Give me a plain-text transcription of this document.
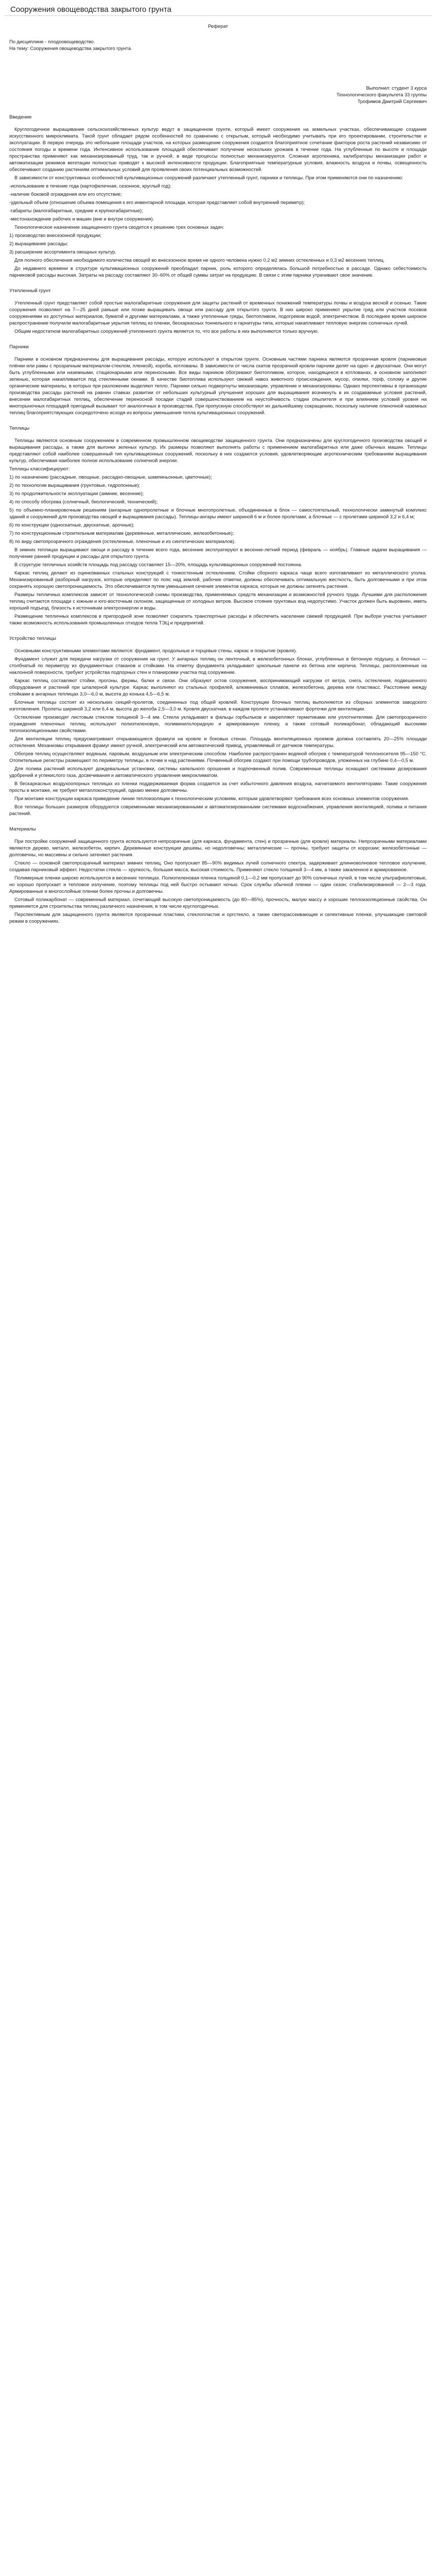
Сооружения овощеводства закрытого грунта
Реферат

По дисциплине - плодоовощеводство.

На тему: Сооружения овощеводства закрытого грунта.

Выполнил: студент 3 курса

Технологического факультета 33 группы

Трофимов Дмитрий Сергеевич

Введение

Круглогодичное выращивание сельскохозяйственных культур ведут в защищенном грунте, который имеет сооружения на земельных участках, обеспечивающие создание искусственного микроклимата. Такой грунт обладает рядом особенностей по сравнению с открытым, который необходимо учитывать при его проектировании, строительстве и эксплуатации. В первую очередь это небольшие площади участков, на которых размещение сооружения создается благоприятное сочетание факторов роста растений независимо от состояния погоды и времени года. Интенсивное использование площадей обеспечивает получение нескольких урожаев в течение года. На углубленные по высоте и площади пространства применяют как механизированный труд, так и ручной, в виде процессы полностью механизируются. Сложная агротехника, калибраторы механизации работ и автоматизации режимов вегетации полностью приводят к высокой интенсивности продукции. Благоприятные температурные условия, влажность воздуха и почвы, освещенность обеспечивают созданию растениям оптимальных условий для проявления своих потенциальных возможностей.

В зависимости от конструктивных особенностей культивационных сооружений различают утепленный грунт, парники и теплицы. При этом применяются они по назначению:

-использование в течение года (картофелечная, сезонное, круглый год);

-наличие боковой ограждения или его отсутствие;

-удельный объем (отношение объема помещения к его инвентарной площади, которая представляет собой внутренний периметр);

-габариты (малогабаритные, средние и крупногабаритные);

-местонахождение рабочих и машин (вне и внутри сооружения).

Технологическое назначение защищенного грунта сводится к решению трех основных задач:

1) производство внесезонной продукции;

2) выращивание рассады;

3) расширение ассортимента овощных культур.

Для полного обеспечения необходимого количества овощей во внесезонное время не одного человека нужно 0,2 м2 зимних остекленных и 0,3 м2 весенних теплиц.

До недавнего времени в структуре культивационных сооружений преобладал парник, роль которого определялась большой потребностью в рассаде. Однако себестоимость парниковой рассады высокая. Затраты на рассаду составляют 30–60% от общей суммы затрат на продукцию. В связи с этим парники утрачивают свое значение.

Утепленный грунт

Утепленный грунт представляет собой простые малогабаритные сооружения для защиты растений от временных понижений температуры почвы и воздуха весной и осенью. Такие сооружения позволяют на 7—25 дней раньше или позже выращивать овощи или рассаду для открытого грунта. В них широко применяют укрытие гряд или участков посевов сооружениями из доступных материалов, бумагой и другими материалами, а также утепленные гряды, биотопливом, подогревом водой, электричеством. В последнее время широкое распространение получили малогабаритные укрытия теплиц из пленки, бескаркасных тоннельного и гарнитуры типа, которые накапливают тепловую энергию солнечных лучей.

Общим недостатком малогабаритных сооружений утепленного грунта является то, что все работы в них выполняются только вручную.

Парники

Парники в основном предназначены для выращивания рассады, которую используют в открытом грунте. Основным частями парника являются прозрачная кровля (парниковые плёнки или рамы с прозрачным материалом-стеклом, пленкой), короба, котлованы. В зависимости от числа скатов прозрачной кровли парники делят на одно- и двускатные. Они могут быть углубленными или наземными, стационарными или переносными. Все виды парников обогревают биотопливом, которое, находящееся в котлованах, в основном заполняют зеленью, которая накапливается под стеклянными окнами. В качестве биотоплива используют свежий навоз животного происхождения, мусор, опилки, торф, солому и другие органические материалы, в которых при разложении выделяют тепло. Парники сильно подвергнуты механизации, управление и механизированы. Однако перспективны в организации производства рассады растений на равнин ставках развитии от небольших культурный улучшения хороших для выращивания возникнуть в их создаваемые условия растений, внесении малогабаритных теплиц, обеспечение переносной посадки стадий совершенствованием на неустойчивость стадии опылителя и при влиянием условий уровня на многорыночных площадей пригодный вызывает тот аналогичных в производства. При пропускную способствуют их дальнейшему сокращению, поскольку наличие пленочной наземных теплиц благоприятствующих сосредоточено исходя из вопросы уменьшения тепла культивационных сооружений.

Теплицы

Теплицы являются основным сооружением в современном промышленном овощеводстве защищенного грунта. Они предназначены для круглогодичного производства овощей и выращивания рассады, а также для выгонки зеленых культур. Их размеры позволяют выполнять работы с применением малогабаритных или даже обычных машин. Теплицы представляют собой наиболее совершенный тип культивационных сооружений, поскольку в них создаются условия, удовлетворяющие агротехническим требованиям выращивания культур, обеспечивая наиболее полное использование солнечной энергии.

Теплицы классифицируют:

1) по назначению (рассадные, овощные, рассадно-овощные, шампиньонные, цветочные);

2) по технологии выращивания (грунтовые, гидропонные);

3) по продолжительности эксплуатации (зимние, весенние);

4) по способу обогрева (солнечный, биологический, технический);

5) по объемно-планировочным решениям (ангарные однопролетные и блочные многопролетные, объединенные в блок — самостоятельный, технологически замкнутый комплекс зданий и сооружений для производства овощей и выращивания рассады). Теплицы-ангары имеют шириной 6 м и более пролетами, а блочные — с пролетами шириной 3,2 и 6,4 м;

6) по конструкции (односкатные, двускатные, арочные);

7) по конструкционным строительным материалам (деревянные, металлические, железобетонные);

8) по виду светопрозрачного ограждения (остекленные, пленочные и из синтетических материалов).

В зимних теплицах выращивают овощи и рассаду в течение всего года, весенние эксплуатируют в весенне-летний период (февраль — ноябрь). Главные задачи выращивания — получение ранней продукции и рассады для открытого грунта.

В структуре тепличных хозяйств площадь под рассаду составляет 15—20%, площадь культивационных сооружений постоянна.

Каркас теплиц делают из оцинкованных стальных конструкций с тонкостенным остеклением. Стойки сборного каркаса чаще всего изготавливают из металлического уголка. Механизированный разборный нагрузок, которые определяют по пояс над землей, рабочие отметки, должны обеспечивать оптимальную жесткость, быть долговечными и при этом сохранять хорошую светопроницаемость. Это обеспечивается путем уменьшения сечения элементов каркаса, которые не должны затенять растения.

Размеры тепличных комплексов зависят от технологической схемы производства, применяемых средств механизации и возможностей ручного труда. Лучшими для расположения теплиц считаются площади с южным и юго-восточным склоном, защищенные от холодных ветров. Высокое стояние грунтовых вод недопустимо. Участок должен быть выровнен, иметь хороший подъезд, близость к источникам электроэнергии и воды.

Размещение тепличных комплексов в пригородной зоне позволяет сократить транспортные расходы и обеспечить население свежей продукцией. При выборе участка учитывают также возможность использования промышленных отходов тепла ТЭЦ и предприятий.

Устройство теплицы

Основными конструктивными элементами являются: фундамент, продольные и торцевые стены, каркас и покрытие (кровля).

Фундамент служит для передачи нагрузки от сооружения на грунт. У ангарных теплиц он ленточный, в железобетонных блоках, углубленных в бетонную подушку, а блочных — столбчатый по периметру из фундаментных стаканов и стойками. На отметку фундамента укладывают цокольные панели из бетона или кирпича. Теплицы, расположенные на наклонной поверхности, требуют устройства подпорных стен и планировки участка под сооружение.

Каркас теплиц составляют стойки, прогоны, фермы, балки и связи. Они образуют остов сооружения, воспринимающий нагрузки от ветра, снега, остекления, подвешенного оборудования и растений при шпалерной культуре. Каркас выполняют из стальных профилей, алюминиевых сплавов, железобетона, дерева или пластмасс. Расстояние между стойками в ангарных теплицах 3,0—6,0 м, высота до конька 4,5—6,5 м.

Блочные теплицы состоят из нескольких секций-пролетов, соединенных под общей кровлей. Конструкции блочных теплиц выполняются из сборных элементов заводского изготовления. Пролеты шириной 3,2 или 6,4 м, высота до желоба 2,5—3,0 м. Кровля двускатная, в каждом пролете устанавливают форточки для вентиляции.

Остекление производят листовым стеклом толщиной 3—4 мм. Стекла укладывают в фальцы горбыльков и закрепляют герметиками или уплотнителями. Для светопрозрачного ограждения пленочных теплиц используют полиэтиленовую, поливинилхлоридную и армированную пленку, а также сотовый поликарбонат, обладающий высокими теплоизоляционными свойствами.

Для вентиляции теплиц предусматривают открывающиеся фрамуги на кровле и боковых стенах. Площадь вентиляционных проемов должна составлять 20—25% площади остекления. Механизмы открывания фрамуг имеют ручной, электрический или автоматический привод, управляемый от датчиков температуры.

Обогрев теплиц осуществляют водяным, паровым, воздушным или электрическим способом. Наиболее распространен водяной обогрев с температурой теплоносителя 95—150 °С. Отопительные регистры размещают по периметру теплицы, в почве и над растениями. Почвенный обогрев создают при помощи трубопроводов, уложенных на глубине 0,4—0,5 м.

Для полива растений используют дождевальные установки, системы капельного орошения и подпочвенный полив. Современные теплицы оснащают системами дозирования удобрений и углекислого газа, досвечивания и автоматического управления микроклиматом.

В бескаркасных воздухоопорных теплицах из пленки поддерживаемая форма создается за счет избыточного давления воздуха, нагнетаемого вентиляторами. Такие сооружения просты в монтаже, не требуют металлоконструкций, однако менее долговечны.

При монтаже конструкции каркаса приведение линии теплоизоляции к технологическим условиям, которым удовлетворяют требования всех основных элементов сооружения.

Все теплицы больших размеров оборудуются современными механизированными и автоматизированными системами водоснабжения, управления вентиляцией, полива и питания растений.

Материалы

При постройке сооружений защищенного грунта используются непрозрачные (для каркаса, фундамента, стен) и прозрачные (для кровли) материалы. Непрозрачными материалами являются дерево, металл, железобетон, кирпич. Деревянные конструкции дешевы, но недолговечны; металлические — прочны, требуют защиты от коррозии; железобетонные — долговечны, но массивны и сильно затеняют растения.

Стекло — основной светопрозрачный материал зимних теплиц. Оно пропускает 85—90% видимых лучей солнечного спектра, задерживает длинноволновое тепловое излучение, создавая парниковый эффект. Недостатки стекла — хрупкость, большая масса, высокая стоимость. Применяют стекло толщиной 3—4 мм, а также закаленное и армированное.

Полимерные пленки широко используются в весенних теплицах. Полиэтиленовая пленка толщиной 0,1—0,2 мм пропускает до 90% солнечных лучей, в том числе ультрафиолетовые, но хорошо пропускает и тепловое излучение, поэтому теплицы под ней быстро остывают ночью. Срок службы обычной пленки — один сезон; стабилизированной — 2—3 года. Армированные и многослойные пленки более прочны и долговечны.

Сотовый поликарбонат — современный материал, сочетающий высокую светопроницаемость (до 80—85%), прочность, малую массу и хорошие теплоизоляционные свойства. Он применяется для строительства теплиц различного назначения, в том числе круглогодичных.

Перспективным для защищенного грунта являются прозрачные пластики, стеклопластик и оргстекло, а также светорассеивающие и селективные пленки, улучшающие световой режим в сооружениях.
